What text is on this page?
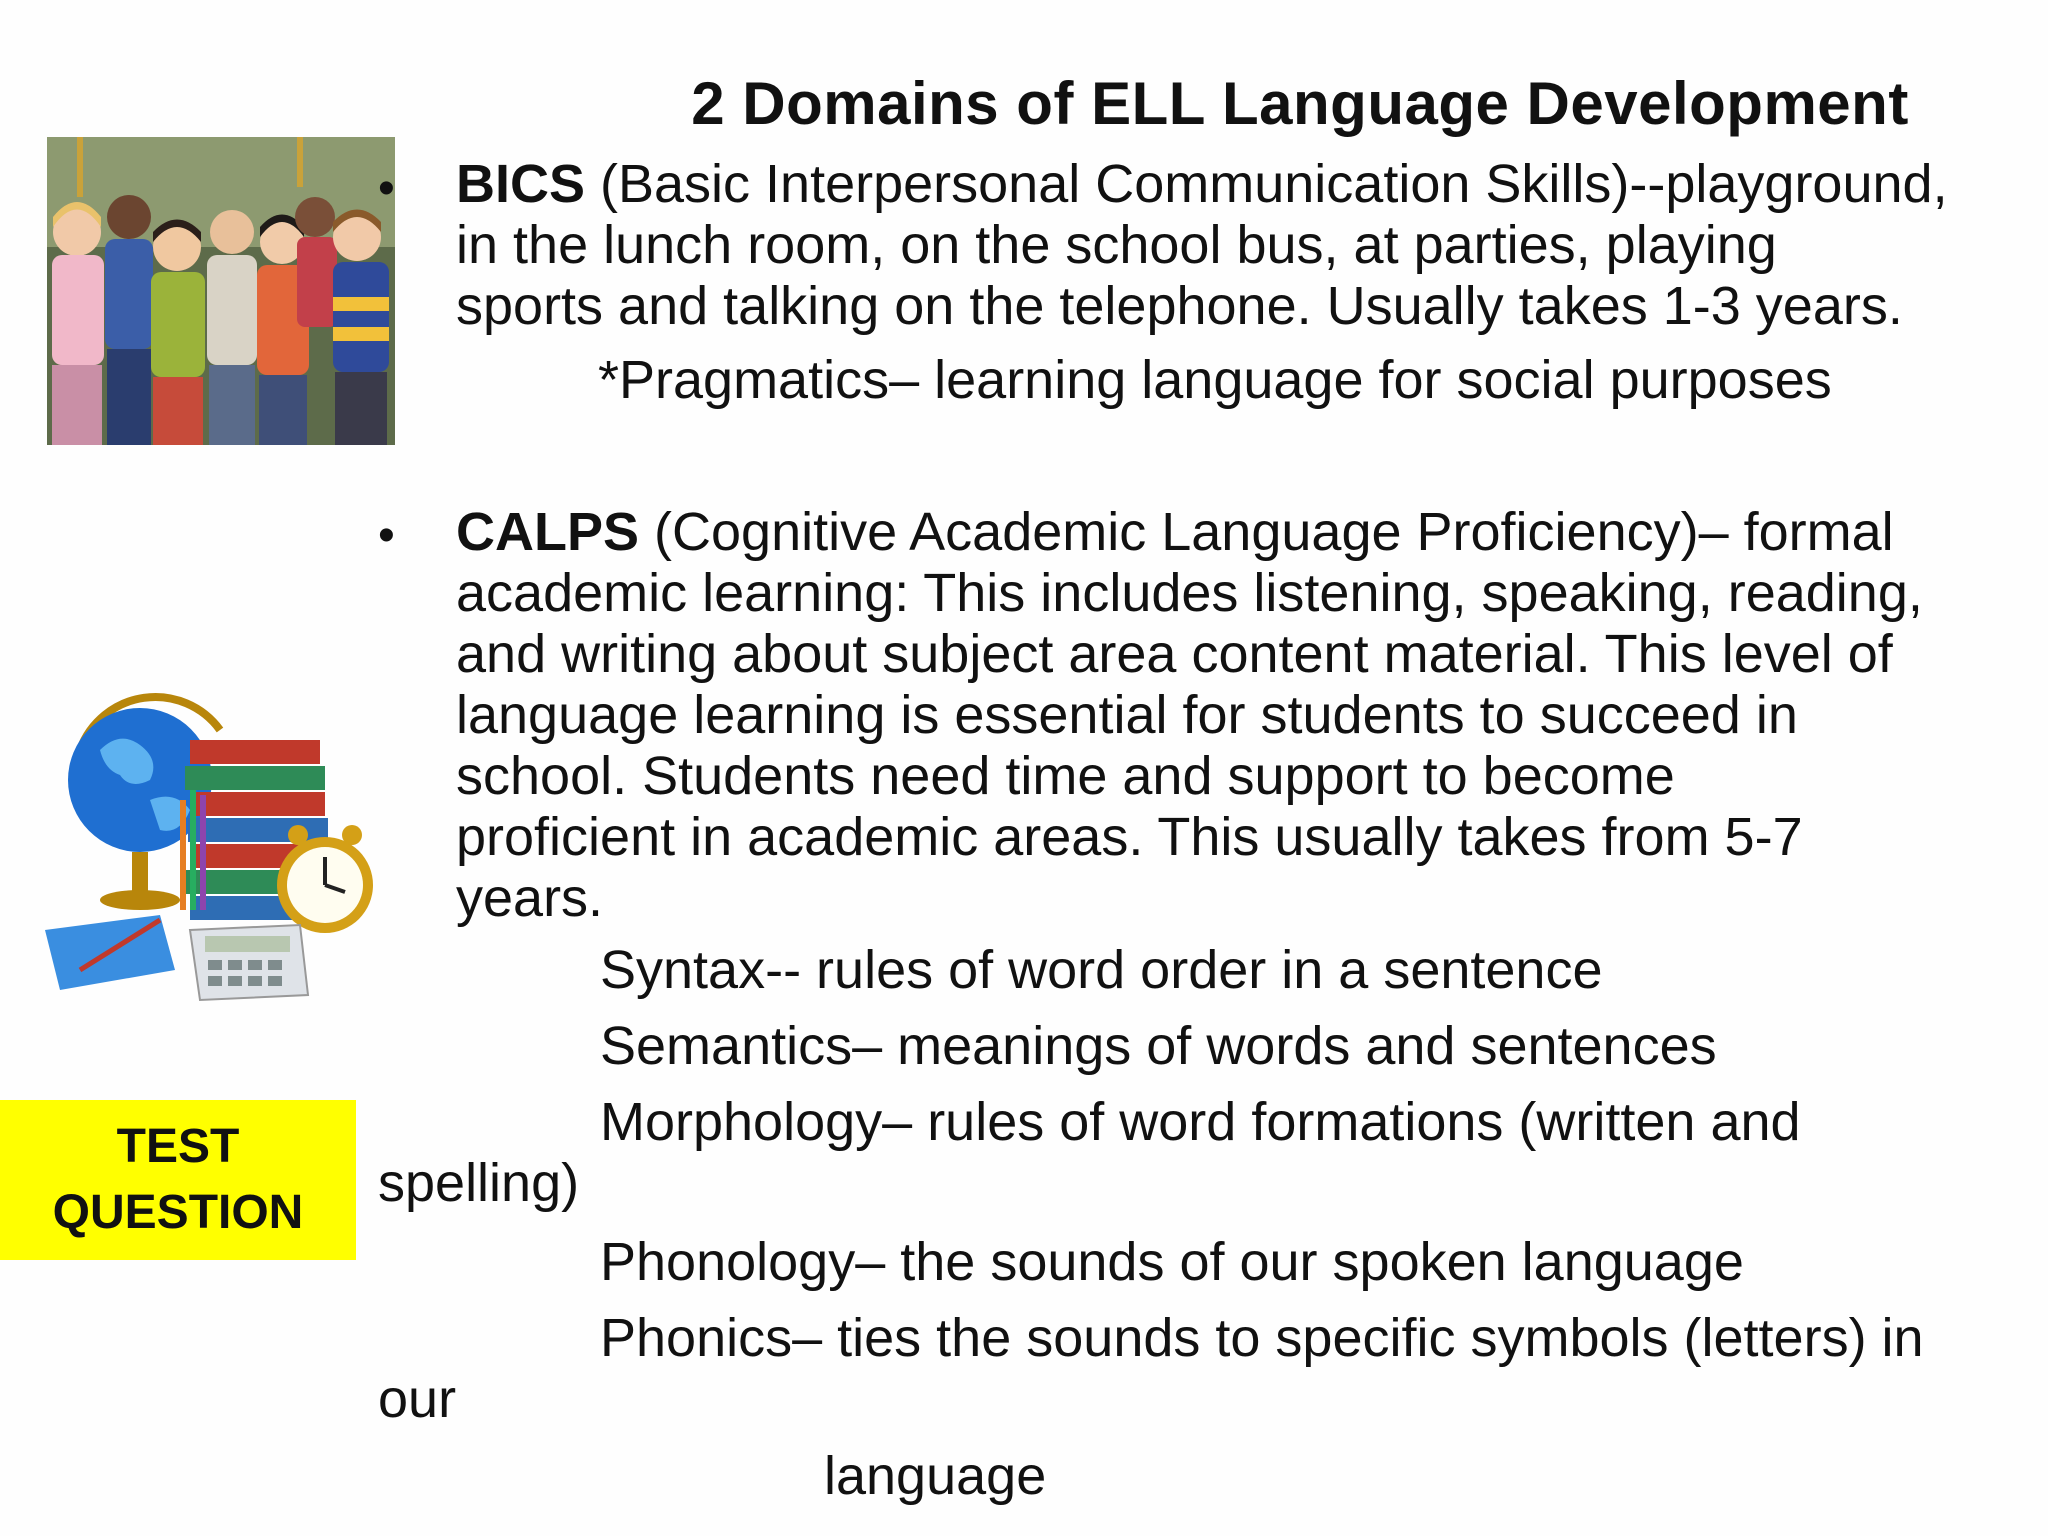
2 Domains of ELL Language Development
• BICS (Basic Interpersonal Communication Skills)--playground,
in the lunch room, on the school bus, at parties, playing
sports and talking on the telephone. Usually takes 1-3 years.
*Pragmatics– learning language for social purposes
• CALPS (Cognitive Academic Language Proficiency)– formal
academic learning: This includes listening, speaking, reading,
and writing about subject area content material. This level of
language learning is essential for students to succeed in
school. Students need time and support to become
proficient in academic areas. This usually takes from 5-7
years.
Syntax-- rules of word order in a sentence
Semantics– meanings of words and sentences
Morphology– rules of word formations (written and
spelling)
Phonology– the sounds of our spoken language
Phonics– ties the sounds to specific symbols (letters) in
our
language
TEST
QUESTION
